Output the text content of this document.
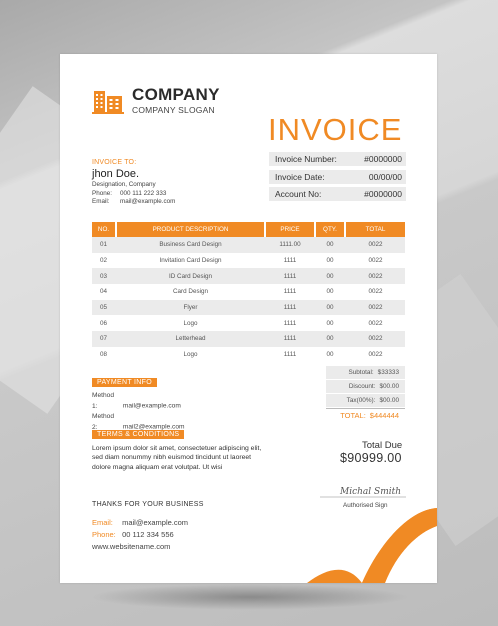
COMPANY
COMPANY SLOGAN
INVOICE
Invoice Number:	#0000000
Invoice Date:	00/00/00
Account No:	#0000000
INVOICE TO:
jhon Doe.
Designation, Company
Phone: 000 111 222 333
Email: mail@example.com
NO.	PRODUCT DESCRIPTION	PRICE	QTY.	TOTAL
01	Business Card Design	1111.00	00	0022
02	Invitation Card Design	1111	00	0022
03	ID Card Design	1111	00	0022
04	Card Design	1111	00	0022
05	Flyer	1111	00	0022
06	Logo	1111	00	0022
07	Letterhead	1111	00	0022
08	Logo	1111	00	0022
Subtotal: $33333
Discount: $00.00
Tax(00%): $00.00
TOTAL: $444444
PAYMENT INFO
Method 1:	mail@example.com
Method 2:	mail2@example.com
TERMS & CONDITIONS
Lorem ipsum dolor sit amet, consectetuer adipiscing elit, sed diam nonummy nibh euismod tincidunt ut laoreet dolore magna aliquam erat volutpat. Ut wisi
Total Due
$90999.00
Michal Smith
Authorised Sign
THANKS FOR YOUR BUSINESS
Email: mail@example.com
Phone: 00 112 334 556
www.websitename.com
